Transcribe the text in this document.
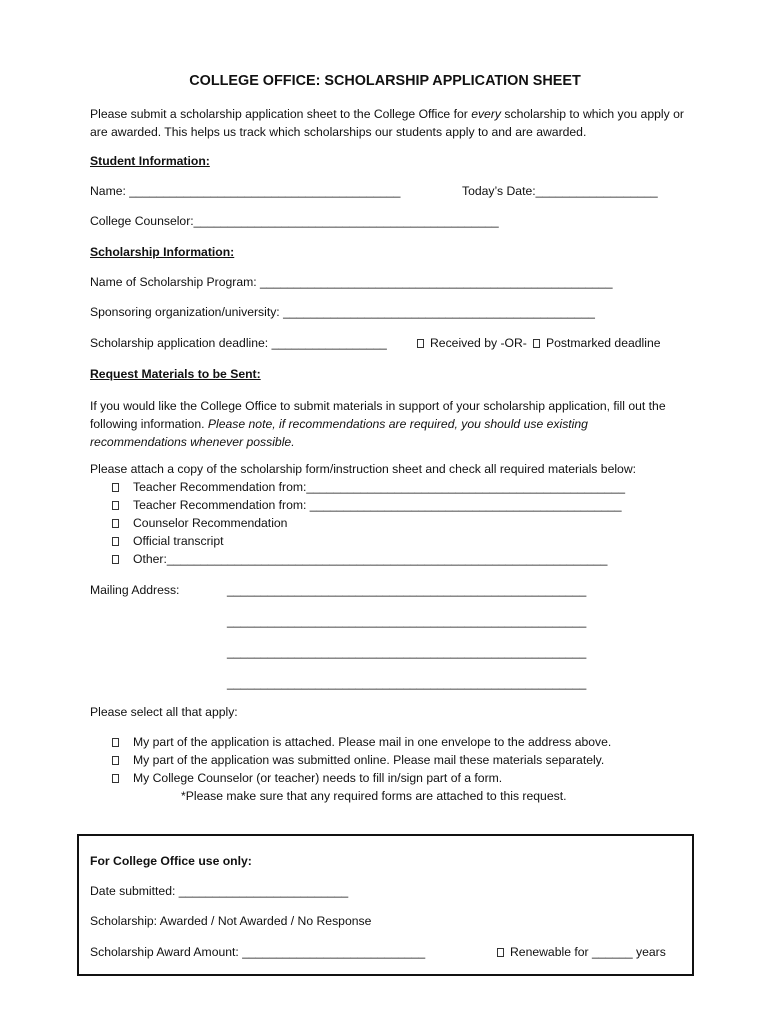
COLLEGE OFFICE: SCHOLARSHIP APPLICATION SHEET
Please submit a scholarship application sheet to the College Office for every scholarship to which you apply or are awarded. This helps us track which scholarships our students apply to and are awarded.
Student Information:
Name: ________________________________________	Today’s Date:__________________
College Counselor:_____________________________________________
Scholarship Information:
Name of Scholarship Program: ____________________________________________________
Sponsoring organization/university: ______________________________________________
Scholarship application deadline: _________________	Received by -OR-	Postmarked deadline
Request Materials to be Sent:
If you would like the College Office to submit materials in support of your scholarship application, fill out the following information. Please note, if recommendations are required, you should use existing recommendations whenever possible.
Please attach a copy of the scholarship form/instruction sheet and check all required materials below:
Teacher Recommendation from:_______________________________________________
Teacher Recommendation from: ______________________________________________
Counselor Recommendation
Official transcript
Other:_________________________________________________________________
Mailing Address:	_____________________________________________________
_____________________________________________________
_____________________________________________________
_____________________________________________________
Please select all that apply:
My part of the application is attached. Please mail in one envelope to the address above.
My part of the application was submitted online. Please mail these materials separately.
My College Counselor (or teacher) needs to fill in/sign part of a form.
*Please make sure that any required forms are attached to this request.
For College Office use only:
Date submitted: _________________________
Scholarship: Awarded / Not Awarded / No Response
Scholarship Award Amount: ___________________________	Renewable for ______ years
